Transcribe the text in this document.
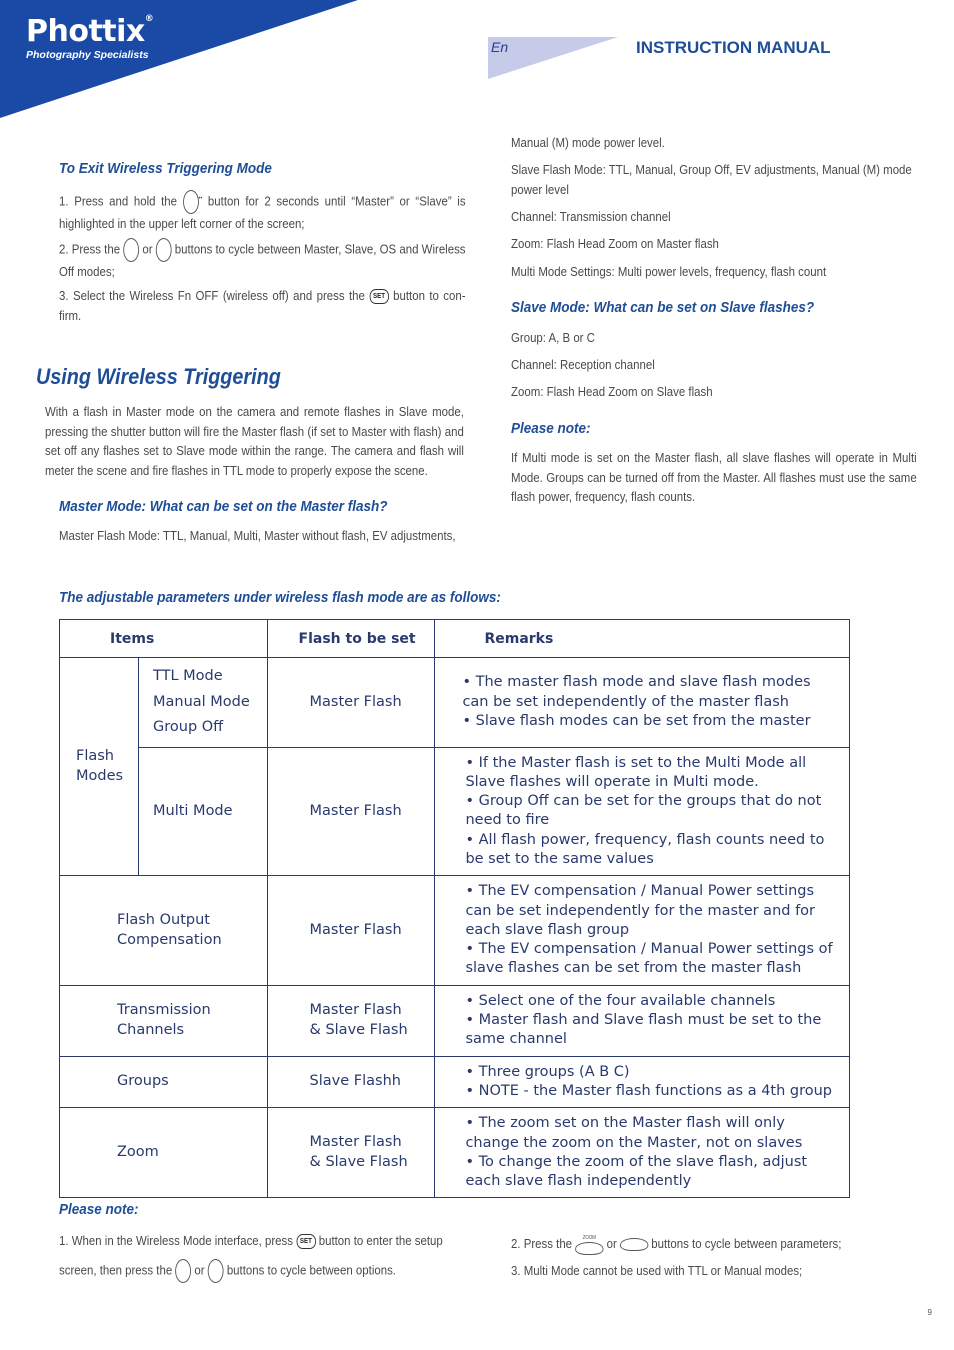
Phottix®
Photography Specialists	En	INSTRUCTION MANUAL
To Exit Wireless Triggering Mode
1. Press and hold the	•• button for 2 seconds until “Master” or “Slave” is highlighted in the upper left corner of the screen;
2. Press the or buttons to cycle between Master, Slave, OS and Wireless Off modes;
3. Select the Wireless Fn OFF (wireless off) and press the SET button to con-firm.
Using Wireless Triggering
With a flash in Master mode on the camera and remote flashes in Slave mode, pressing the shutter button will fire the Master flash (if set to Master with flash) and set off any flashes set to Slave mode within the range. The camera and flash will meter the scene and fire flashes in TTL mode to properly expose the scene.
Master Mode: What can be set on the Master flash?
Master Flash Mode: TTL, Manual, Multi, Master without flash, EV adjustments,
Manual (M) mode power level.
Slave Flash Mode: TTL, Manual, Group Off, EV adjustments, Manual (M) mode power level
Channel: Transmission channel
Zoom: Flash Head Zoom on Master flash
Multi Mode Settings: Multi power levels, frequency, flash count
Slave Mode: What can be set on Slave flashes?
Group: A, B or C
Channel: Reception channel
Zoom: Flash Head Zoom on Slave flash
Please note:
If Multi mode is set on the Master flash, all slave flashes will operate in Multi Mode. Groups can be turned off from the Master. All flashes must use the same flash power, frequency, flash counts.
The adjustable parameters under wireless flash mode are as follows:
Items		Flash to be set	Remarks

Flash Modes	TTL Mode
Manual Mode
Group Off	Master Flash	• The master flash mode and slave flash modes can be set independently of the master flash
• Slave flash modes can be set from the master
	Multi Mode	Master Flash	• If the Master flash is set to the Multi Mode all Slave flashes will operate in Multi mode.
• Group Off can be set for the groups that do not need to fire
• All flash power, frequency, flash counts need to be set to the same values

Flash Output Compensation		Master Flash	• The EV compensation / Manual Power settings can be set independently for the master and for each slave flash group
• The EV compensation / Manual Power settings of slave flashes can be set from the master flash

Transmission Channels		Master Flash
& Slave Flash	• Select one of the four available channels
• Master flash and Slave flash must be set to the same channel
Groups		Slave Flashh	• Three groups (A B C)
• NOTE - the Master flash functions as a 4th group
Zoom		Master Flash
& Slave Flash	• The zoom set on the Master flash will only change the zoom on the Master, not on slaves
• To change the zoom of the slave flash, adjust each slave flash independently
Please note:
1. When in the Wireless Mode interface, press SET button to enter the setup
screen, then press the or buttons to cycle between options.
2. Press the	ZOOM or	buttons to cycle between parameters;
3. Multi Mode cannot be used with TTL or Manual modes;
9
